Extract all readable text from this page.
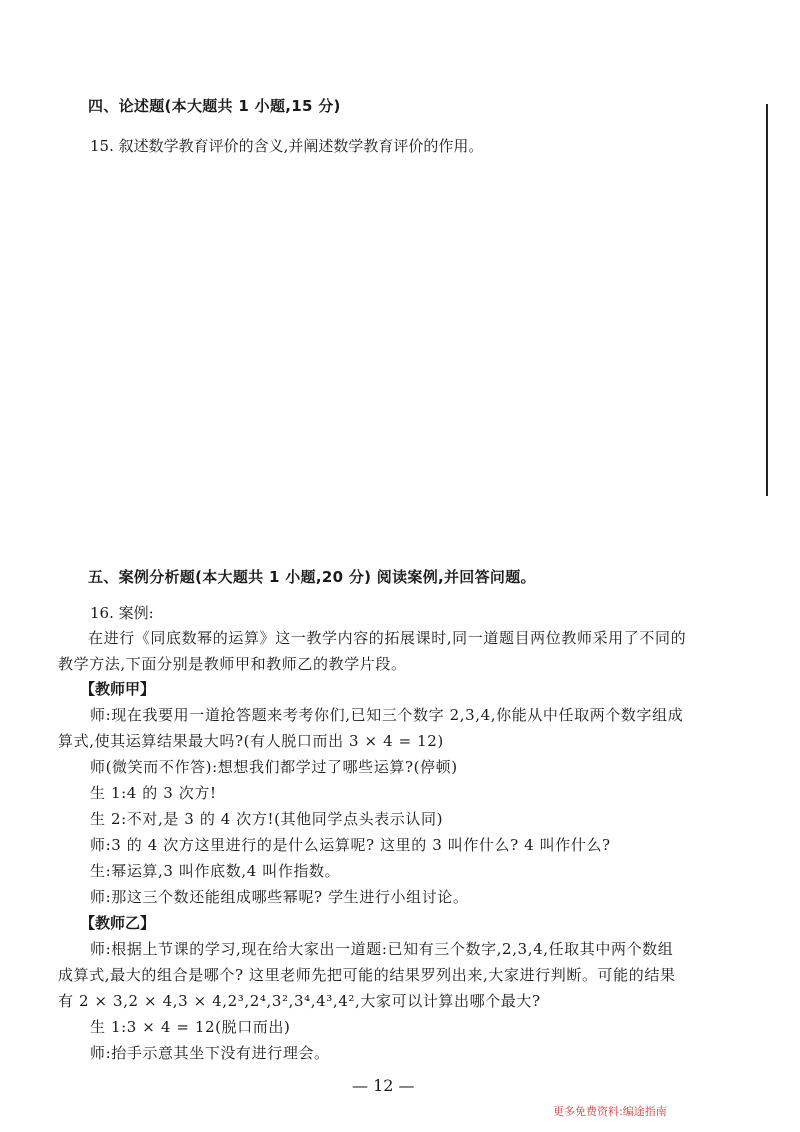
四、论述题(本大题共 1 小题,15 分)
15. 叙述数学教育评价的含义,并阐述数学教育评价的作用。
五、案例分析题(本大题共 1 小题,20 分) 阅读案例,并回答问题。
16. 案例:
在进行《同底数幂的运算》这一教学内容的拓展课时,同一道题目两位教师采用了不同的
教学方法,下面分别是教师甲和教师乙的教学片段。
【教师甲】
师:现在我要用一道抢答题来考考你们,已知三个数字 2,3,4,你能从中任取两个数字组成
算式,使其运算结果最大吗?(有人脱口而出 3 × 4 = 12)
师(微笑而不作答):想想我们都学过了哪些运算?(停顿)
生 1:4 的 3 次方!
生 2:不对,是 3 的 4 次方!(其他同学点头表示认同)
师:3 的 4 次方这里进行的是什么运算呢? 这里的 3 叫作什么? 4 叫作什么?
生:幂运算,3 叫作底数,4 叫作指数。
师:那这三个数还能组成哪些幂呢? 学生进行小组讨论。
【教师乙】
师:根据上节课的学习,现在给大家出一道题:已知有三个数字,2,3,4,任取其中两个数组
成算式,最大的组合是哪个? 这里老师先把可能的结果罗列出来,大家进行判断。可能的结果
有 2 × 3,2 × 4,3 × 4,2³,2⁴,3²,3⁴,4³,4²,大家可以计算出哪个最大?
生 1:3 × 4 = 12(脱口而出)
师:抬手示意其坐下没有进行理会。
— 12 —
更多免费资料:编途指南
